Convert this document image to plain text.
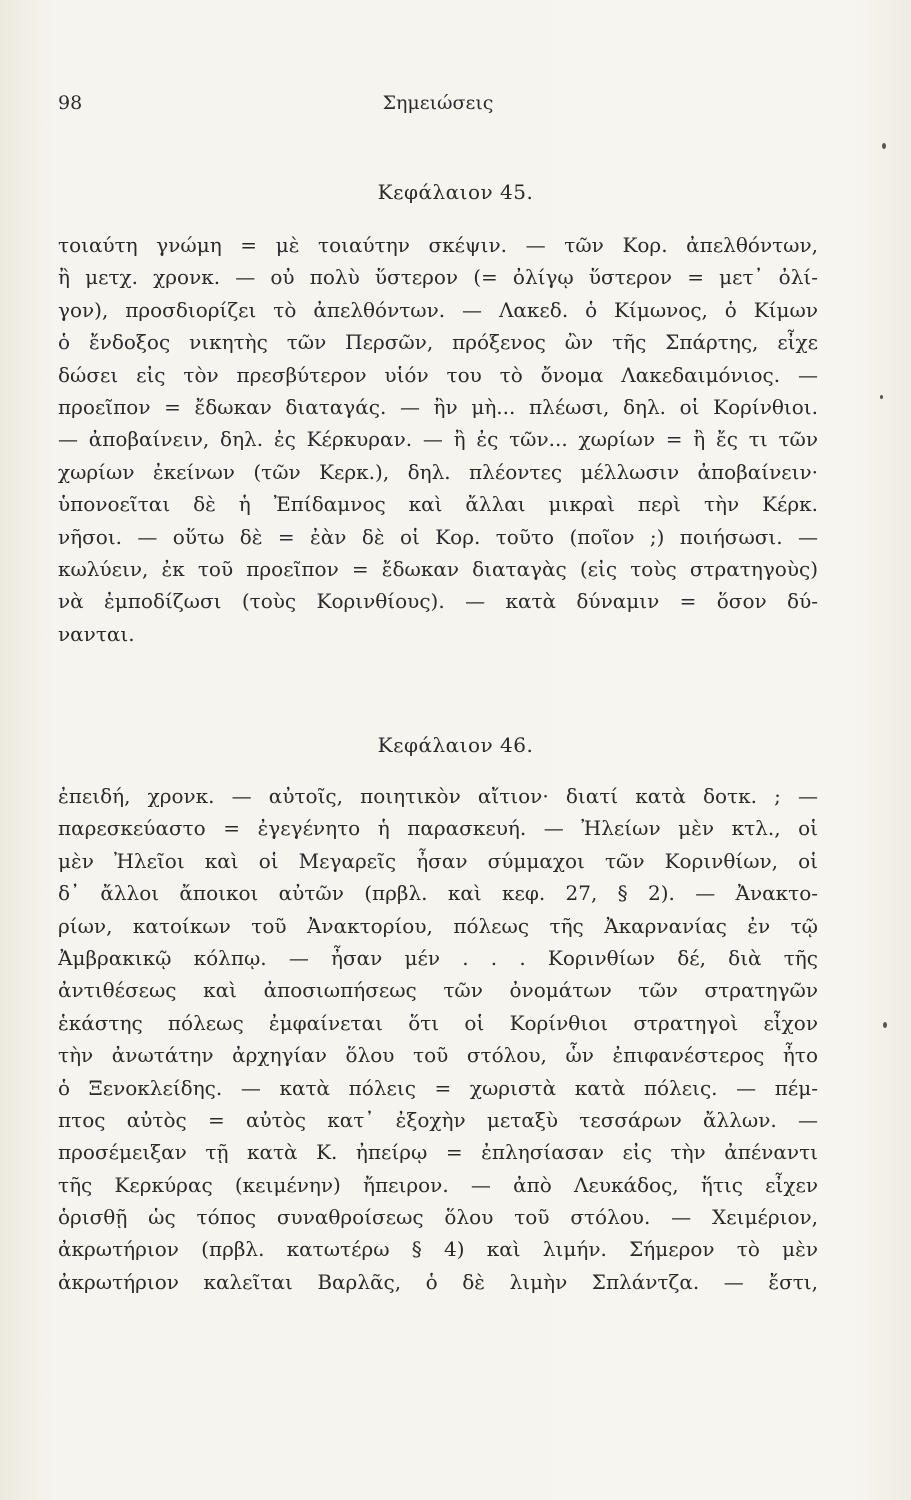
98	Σημειώσεις
Κεφάλαιον 45.
τοιαύτη γνώμη = μὲ τοιαύτην σκέψιν. — τῶν Κορ. ἀπελθόντων,
ἢ μετχ. χρονκ. — οὐ πολὺ ὕστερον (= ὀλίγῳ ὕστερον = μετ᾽ ὀλί-
γον), προσδιορίζει τὸ ἀπελθόντων. — Λακεδ. ὁ Κίμωνος, ὁ Κίμων
ὁ ἔνδοξος νικητὴς τῶν Περσῶν, πρόξενος ὢν τῆς Σπάρτης, εἶχε
δώσει εἰς τὸν πρεσβύτερον υἱόν του τὸ ὄνομα Λακεδαιμόνιος. —
προεῖπον = ἔδωκαν διαταγάς. — ἢν μὴ... πλέωσι, δηλ. οἱ Κορίνθιοι.
— ἀποβαίνειν, δηλ. ἐς Κέρκυραν. — ἢ ἐς τῶν... χωρίων = ἢ ἔς τι τῶν
χωρίων ἐκείνων (τῶν Κερκ.), δηλ. πλέοντες μέλλωσιν ἀποβαίνειν·
ὑπονοεῖται δὲ ἡ Ἐπίδαμνος καὶ ἄλλαι μικραὶ περὶ τὴν Κέρκ.
νῆσοι. — οὕτω δὲ = ἐὰν δὲ οἱ Κορ. τοῦτο (ποῖον ;) ποιήσωσι. —
κωλύειν, ἐκ τοῦ προεῖπον = ἔδωκαν διαταγὰς (εἰς τοὺς στρατηγοὺς)
νὰ ἐμποδίζωσι (τοὺς Κορινθίους). — κατὰ δύναμιν = ὅσον δύ-
νανται.
Κεφάλαιον 46.
ἐπειδή, χρονκ. — αὐτοῖς, ποιητικὸν αἴτιον· διατί κατὰ δοτκ. ; —
παρεσκεύαστο = ἐγεγένητο ἡ παρασκευή. — Ἠλείων μὲν κτλ., οἱ
μὲν Ἠλεῖοι καὶ οἱ Μεγαρεῖς ἦσαν σύμμαχοι τῶν Κορινθίων, οἱ
δ᾽ ἄλλοι ἄποικοι αὐτῶν (πρβλ. καὶ κεφ. 27, § 2). — Ἀνακτο-
ρίων, κατοίκων τοῦ Ἀνακτορίου, πόλεως τῆς Ἀκαρνανίας ἐν τῷ
Ἀμβρακικῷ κόλπῳ. — ἦσαν μέν . . . Κορινθίων δέ, διὰ τῆς
ἀντιθέσεως καὶ ἀποσιωπήσεως τῶν ὀνομάτων τῶν στρατηγῶν
ἑκάστης πόλεως ἐμφαίνεται ὅτι οἱ Κορίνθιοι στρατηγοὶ εἶχον
τὴν ἀνωτάτην ἀρχηγίαν ὅλου τοῦ στόλου, ὧν ἐπιφανέστερος ἦτο
ὁ Ξενοκλείδης. — κατὰ πόλεις = χωριστὰ κατὰ πόλεις. — πέμ-
πτος αὐτὸς = αὐτὸς κατ᾽ ἐξοχὴν μεταξὺ τεσσάρων ἄλλων. —
προσέμειξαν τῇ κατὰ Κ. ἠπείρῳ = ἐπλησίασαν εἰς τὴν ἀπέναντι
τῆς Κερκύρας (κειμένην) ἤπειρον. — ἀπὸ Λευκάδος, ἥτις εἶχεν
ὁρισθῇ ὡς τόπος συναθροίσεως ὅλου τοῦ στόλου. — Χειμέριον,
ἀκρωτήριον (πρβλ. κατωτέρω § 4) καὶ λιμήν. Σήμερον τὸ μὲν
ἀκρωτήριον καλεῖται Βαρλᾶς, ὁ δὲ λιμὴν Σπλάντζα. — ἔστι,
